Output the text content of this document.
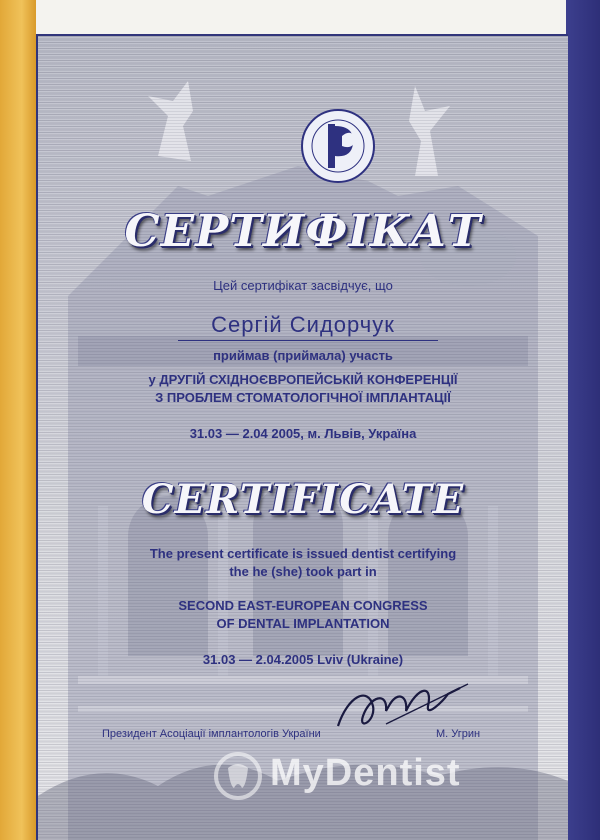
СЕРТИФІКАТ
Цей сертифікат засвідчує, що
Сергій Сидорчук
приймав (приймала) участь
у ДРУГІЙ СХІДНОЄВРОПЕЙСЬКІЙ КОНФЕРЕНЦІЇ
З ПРОБЛЕМ СТОМАТОЛОГІЧНОЇ ІМПЛАНТАЦІЇ
31.03 — 2.04 2005, м. Львів, Україна
CERTIFICATE
The present certificate is issued dentist certifying
the he (she) took part in
SECOND EAST-EUROPEAN CONGRESS
OF DENTAL IMPLANTATION
31.03 — 2.04.2005 Lviv (Ukraine)
Президент Асоціації імплантологів України	М. Угрин
MyDentist
